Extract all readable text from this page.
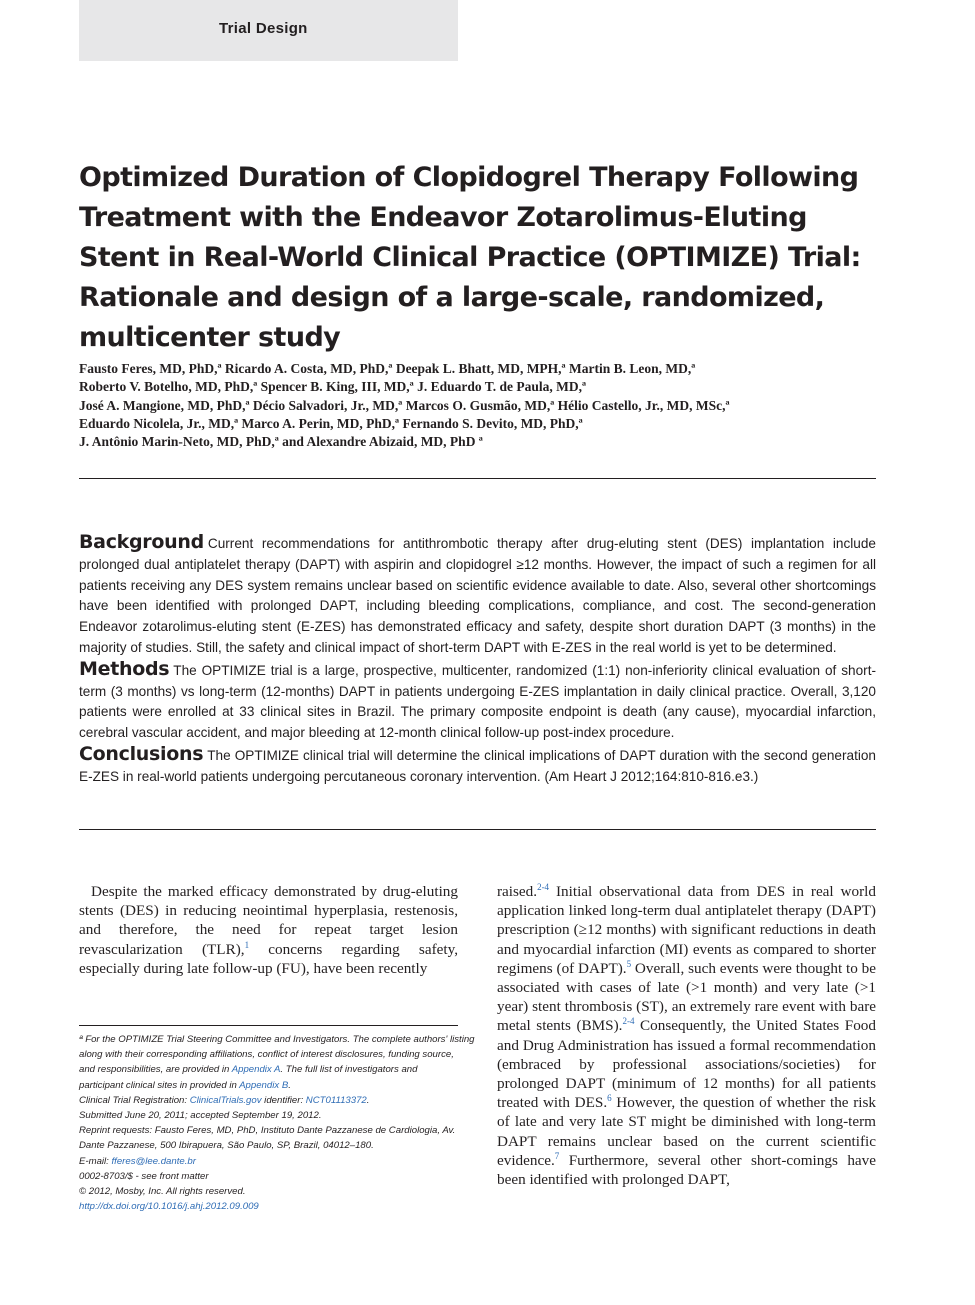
Trial Design
Optimized Duration of Clopidogrel Therapy Following Treatment with the Endeavor Zotarolimus-Eluting Stent in Real-World Clinical Practice (OPTIMIZE) Trial: Rationale and design of a large-scale, randomized, multicenter study
Fausto Feres, MD, PhD,ª Ricardo A. Costa, MD, PhD,ª Deepak L. Bhatt, MD, MPH,ª Martin B. Leon, MD,ª
Roberto V. Botelho, MD, PhD,ª Spencer B. King, III, MD,ª J. Eduardo T. de Paula, MD,ª
José A. Mangione, MD, PhD,ª Décio Salvadori, Jr., MD,ª Marcos O. Gusmão, MD,ª Hélio Castello, Jr., MD, MSc,ª
Eduardo Nicolela, Jr., MD,ª Marco A. Perin, MD, PhD,ª Fernando S. Devito, MD, PhD,ª
J. Antônio Marin-Neto, MD, PhD,ª and Alexandre Abizaid, MD, PhD ª

Background Current recommendations for antithrombotic therapy after drug-eluting stent (DES) implantation include prolonged dual antiplatelet therapy (DAPT) with aspirin and clopidogrel ≥12 months. However, the impact of such a regimen for all patients receiving any DES system remains unclear based on scientific evidence available to date. Also, several other shortcomings have been identified with prolonged DAPT, including bleeding complications, compliance, and cost. The second-generation Endeavor zotarolimus-eluting stent (E-ZES) has demonstrated efficacy and safety, despite short duration DAPT (3 months) in the majority of studies. Still, the safety and clinical impact of short-term DAPT with E-ZES in the real world is yet to be determined.

Methods The OPTIMIZE trial is a large, prospective, multicenter, randomized (1:1) non-inferiority clinical evaluation of short-term (3 months) vs long-term (12-months) DAPT in patients undergoing E-ZES implantation in daily clinical practice. Overall, 3,120 patients were enrolled at 33 clinical sites in Brazil. The primary composite endpoint is death (any cause), myocardial infarction, cerebral vascular accident, and major bleeding at 12-month clinical follow-up post-index procedure.

Conclusions The OPTIMIZE clinical trial will determine the clinical implications of DAPT duration with the second generation E-ZES in real-world patients undergoing percutaneous coronary intervention. (Am Heart J 2012;164:810-816.e3.)

Despite the marked efficacy demonstrated by drug-eluting stents (DES) in reducing neointimal hyperplasia, restenosis, and therefore, the need for repeat target lesion revascularization (TLR),$^1$ concerns regarding safety, especially during late follow-up (FU), have been recently

ª For the OPTIMIZE Trial Steering Committee and Investigators. The complete authors' listing
along with their corresponding affiliations, conflict of interest disclosures, funding source,
and responsibilities, are provided in Appendix A. The full list of investigators and
participant clinical sites in provided in Appendix B.
Clinical Trial Registration: ClinicalTrials.gov identifier: NCT01113372.
Submitted June 20, 2011; accepted September 19, 2012.
Reprint requests: Fausto Feres, MD, PhD, Instituto Dante Pazzanese de Cardiologia, Av.
Dante Pazzanese, 500 Ibirapuera, São Paulo, SP, Brazil, 04012–180.
E-mail: fferes@lee.dante.br
0002-8703/$ - see front matter
© 2012, Mosby, Inc. All rights reserved.
http://dx.doi.org/10.1016/j.ahj.2012.09.009

raised.$^{2-4}$ Initial observational data from DES in real world application linked long-term dual antiplatelet therapy (DAPT) prescription (≥12 months) with significant reductions in death and myocardial infarction (MI) events as compared to shorter regimens (of DAPT).$^5$ Overall, such events were thought to be associated with cases of late (>1 month) and very late (>1 year) stent thrombosis (ST), an extremely rare event with bare metal stents (BMS).$^{2-4}$ Consequently, the United States Food and Drug Administration has issued a formal recommendation (embraced by professional associations/societies) for prolonged DAPT (minimum of 12 months) for all patients treated with DES.$^6$ However, the question of whether the risk of late and very late ST might be diminished with long-term DAPT remains unclear based on the current scientific evidence.$^7$ Furthermore, several other short-comings have been identified with prolonged DAPT,
